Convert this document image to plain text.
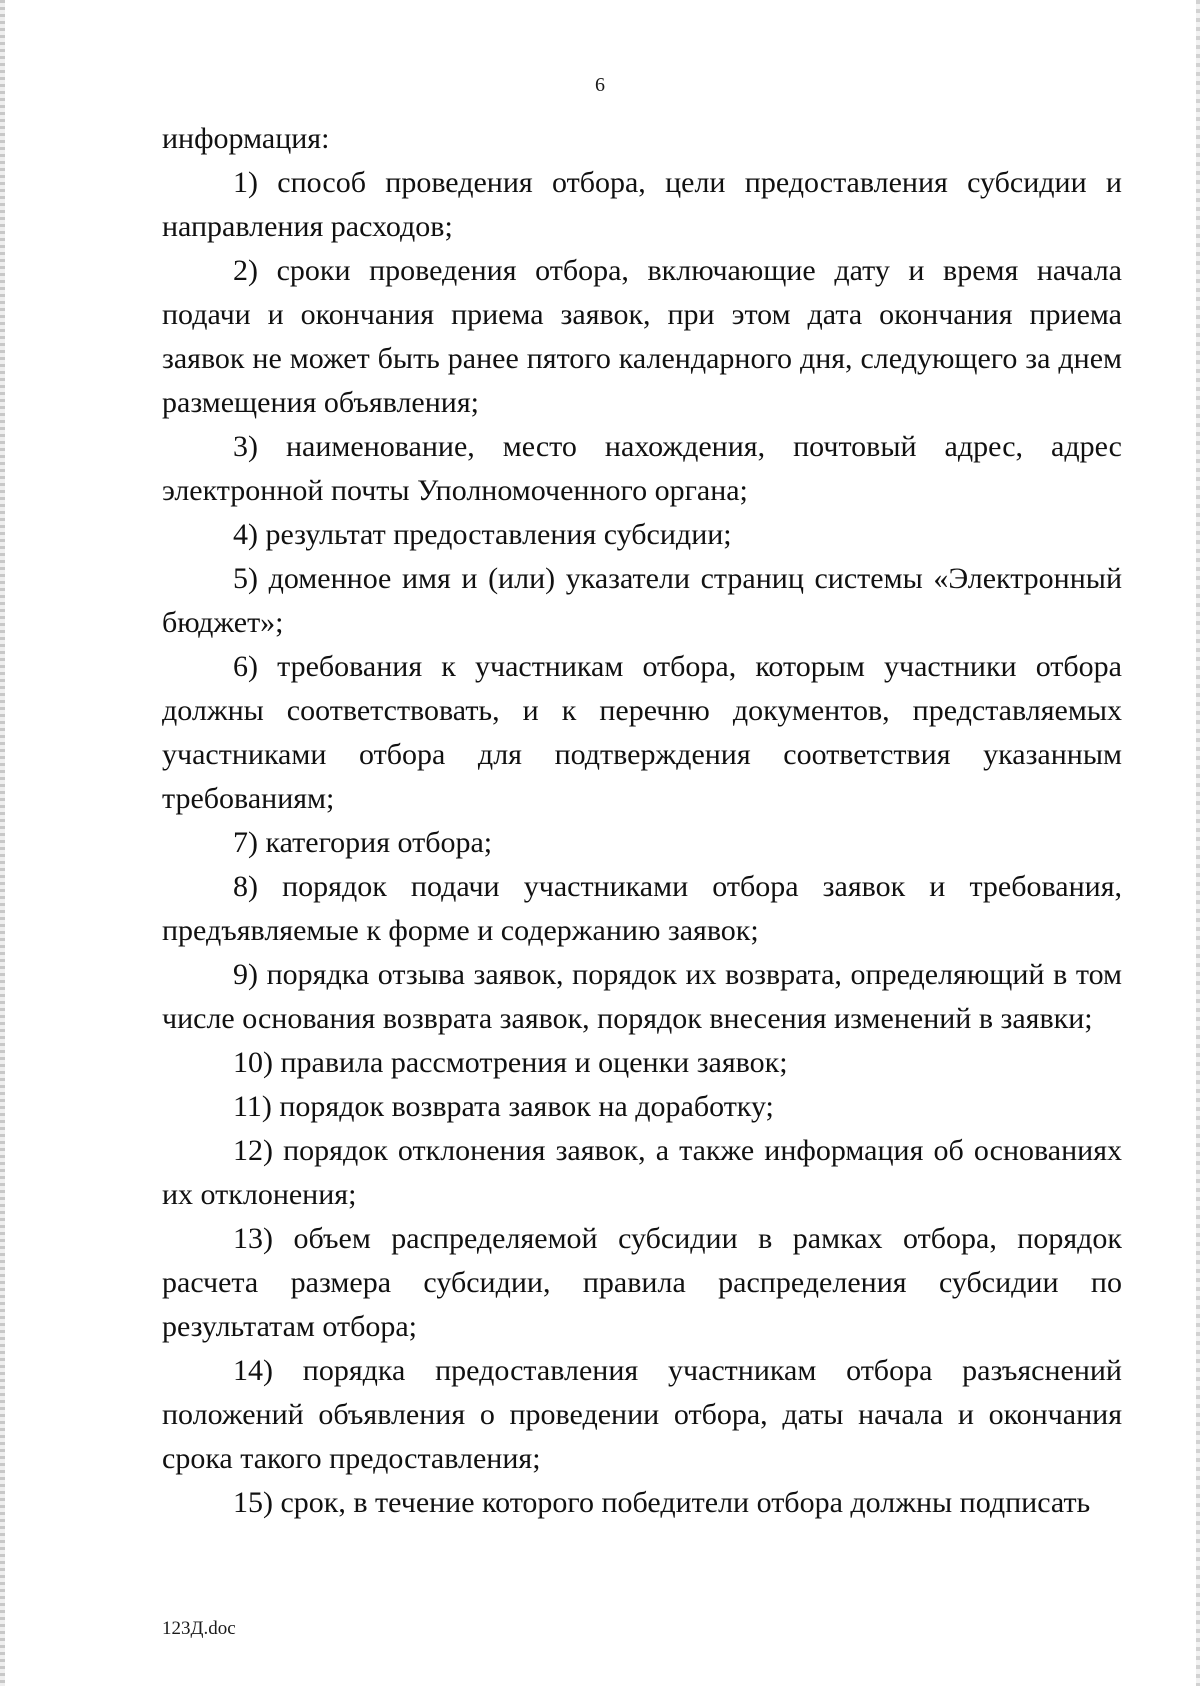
6

информация:

1) способ проведения отбора, цели предоставления субсидии и направления расходов;

2) сроки проведения отбора, включающие дату и время начала подачи и окончания приема заявок, при этом дата окончания приема заявок не может быть ранее пятого календарного дня, следующего за днем размещения объявления;

3) наименование, место нахождения, почтовый адрес, адрес электронной почты Уполномоченного органа;

4) результат предоставления субсидии;

5) доменное имя и (или) указатели страниц системы «Электронный бюджет»;

6) требования к участникам отбора, которым участники отбора должны соответствовать, и к перечню документов, представляемых участниками отбора для подтверждения соответствия указанным требованиям;

7) категория отбора;

8) порядок подачи участниками отбора заявок и требования, предъявляемые к форме и содержанию заявок;

9) порядка отзыва заявок, порядок их возврата, определяющий в том числе основания возврата заявок, порядок внесения изменений в заявки;

10) правила рассмотрения и оценки заявок;

11) порядок возврата заявок на доработку;

12) порядок отклонения заявок, а также информация об основаниях их отклонения;

13) объем распределяемой субсидии в рамках отбора, порядок расчета размера субсидии, правила распределения субсидии по результатам отбора;

14) порядка предоставления участникам отбора разъяснений положений объявления о проведении отбора, даты начала и окончания срока такого предоставления;

15) срок, в течение которого победители отбора должны подписать

123Д.doc
